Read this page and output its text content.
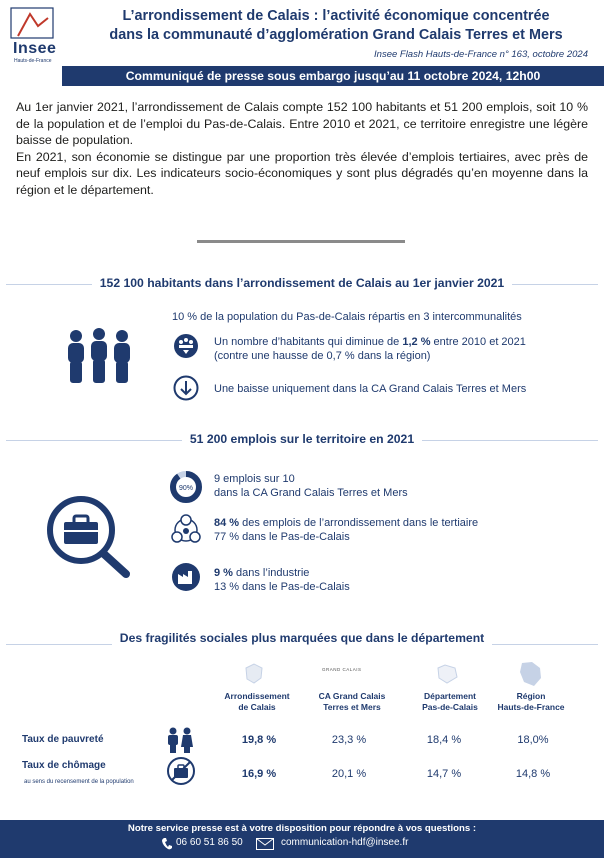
Insee
Hauts-de-France
L’arrondissement de Calais : l’activité économique concentrée
dans la communauté d’agglomération Grand Calais Terres et Mers
Insee Flash Hauts-de-France n° 163, octobre 2024
Communiqué de presse sous embargo jusqu’au 11 octobre 2024, 12h00

Au 1er janvier 2021, l’arrondissement de Calais compte 152 100 habitants et 51 200 emplois, soit 10 % de la population et de l’emploi du Pas-de-Calais. Entre 2010 et 2021, ce territoire enregistre une légère baisse de population.

En 2021, son économie se distingue par une proportion très élevée d’emplois tertiaires, avec près de neuf emplois sur dix. Les indicateurs socio-économiques y sont plus dégradés qu’en moyenne dans la région et le département.

152 100 habitants dans l’arrondissement de Calais au 1er janvier 2021
10 % de la population du Pas-de-Calais répartis en 3 intercommunalités
Un nombre d’habitants qui diminue de 1,2 % entre 2010 et 2021
(contre une hausse de 0,7 % dans la région)
Une baisse uniquement dans la CA Grand Calais Terres et Mers
51 200 emplois sur le territoire en 2021
90%
9 emplois sur 10
dans la CA Grand Calais Terres et Mers
84 % des emplois de l’arrondissement dans le tertiaire
77 % dans le Pas-de-Calais
9 % dans l’industrie
13 % dans le Pas-de-Calais
Des fragilités sociales plus marquées que dans le département
GRAND CALAIS
Arrondissement
de Calais
CA Grand Calais
Terres et Mers
Département
Pas-de-Calais
Région
Hauts-de-France
Taux de pauvreté	19,8 %	23,3 %	18,4 %	18,0%
Taux de chômage
au sens du recensement de la population
16,9 %	20,1 %	14,7 %	14,8 %
Notre service presse est à votre disposition pour répondre à vos questions :
06 60 51 86 50	communication-hdf@insee.fr
